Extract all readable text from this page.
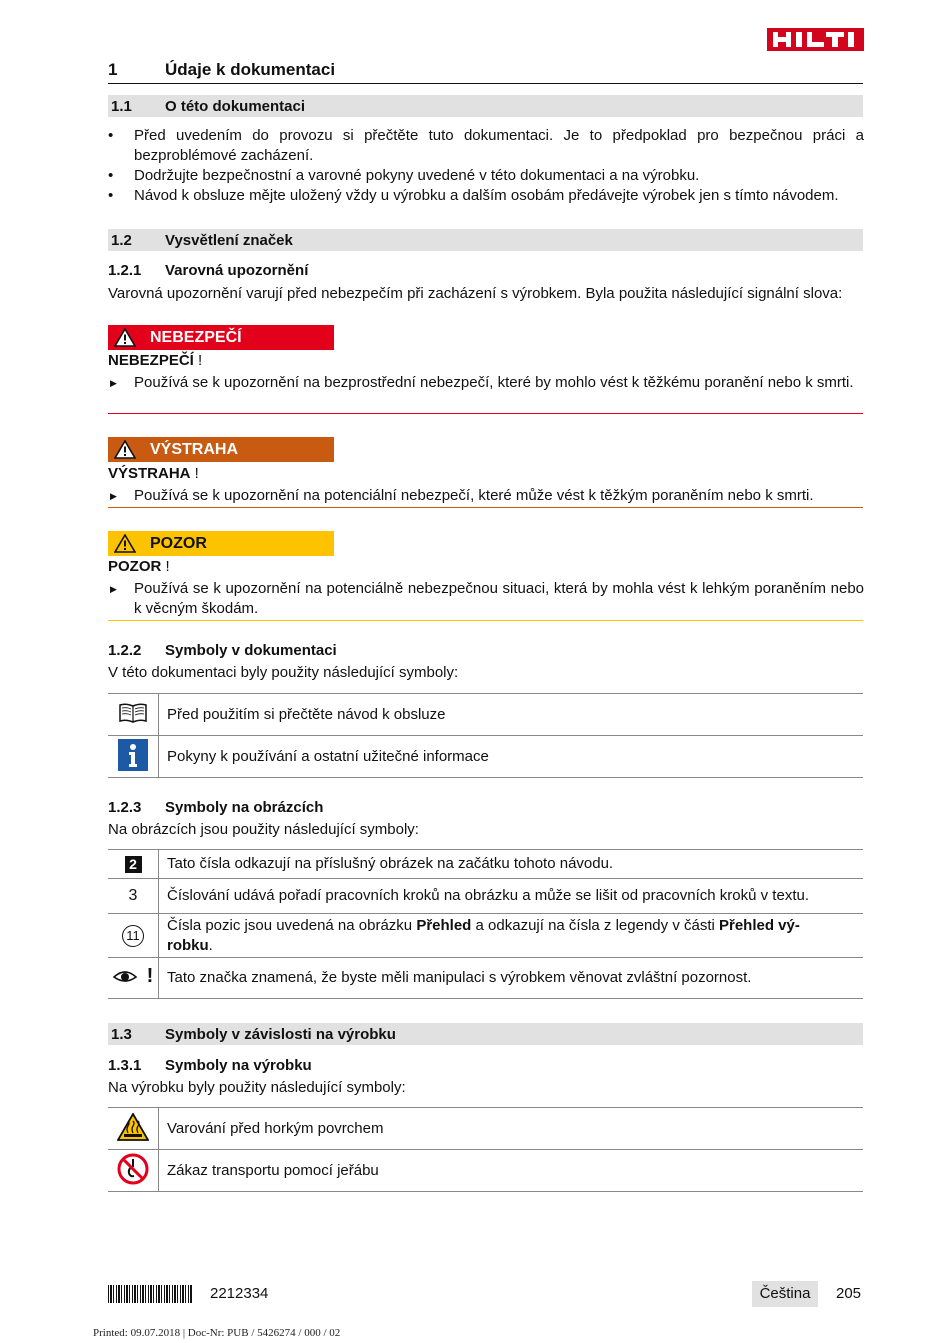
1	Údaje k dokumentaci
1.1 O této dokumentaci
• Před uvedením do provozu si přečtěte tuto dokumentaci. Je to předpoklad pro bezpečnou práci a bezproblémové zacházení.
• Dodržujte bezpečnostní a varovné pokyny uvedené v této dokumentaci a na výrobku.
• Návod k obsluze mějte uložený vždy u výrobku a dalším osobám předávejte výrobek jen s tímto návodem.
1.2 Vysvětlení značek
1.2.1 Varovná upozornění
Varovná upozornění varují před nebezpečím při zacházení s výrobkem. Byla použita následující signální slova:
NEBEZPEČÍ
NEBEZPEČÍ !
▶ Používá se k upozornění na bezprostřední nebezpečí, které by mohlo vést k těžkému poranění nebo k smrti.
VÝSTRAHA
VÝSTRAHA !
▶ Používá se k upozornění na potenciální nebezpečí, které může vést k těžkým poraněním nebo k smrti.
POZOR
POZOR !
▶ Používá se k upozornění na potenciálně nebezpečnou situaci, která by mohla vést k lehkým poraněním nebo k věcným škodám.
1.2.2 Symboly v dokumentaci
V této dokumentaci byly použity následující symboly:
	Před použitím si přečtěte návod k obsluze
	Pokyny k používání a ostatní užitečné informace
1.2.3 Symboly na obrázcích
Na obrázcích jsou použity následující symboly:
2	Tato čísla odkazují na příslušný obrázek na začátku tohoto návodu.
3	Číslování udává pořadí pracovních kroků na obrázku a může se lišit od pracovních kroků v textu.
11	Čísla pozic jsou uvedená na obrázku Přehled a odkazují na čísla z legendy v části Přehled vý-
robku.
!	Tato značka znamená, že byste měli manipulaci s výrobkem věnovat zvláštní pozornost.
1.3 Symboly v závislosti na výrobku
1.3.1 Symboly na výrobku
Na výrobku byly použity následující symboly:
	Varování před horkým povrchem
	Zákaz transportu pomocí jeřábu
2212334	Čeština	205
Printed: 09.07.2018 | Doc-Nr: PUB / 5426274 / 000 / 02
